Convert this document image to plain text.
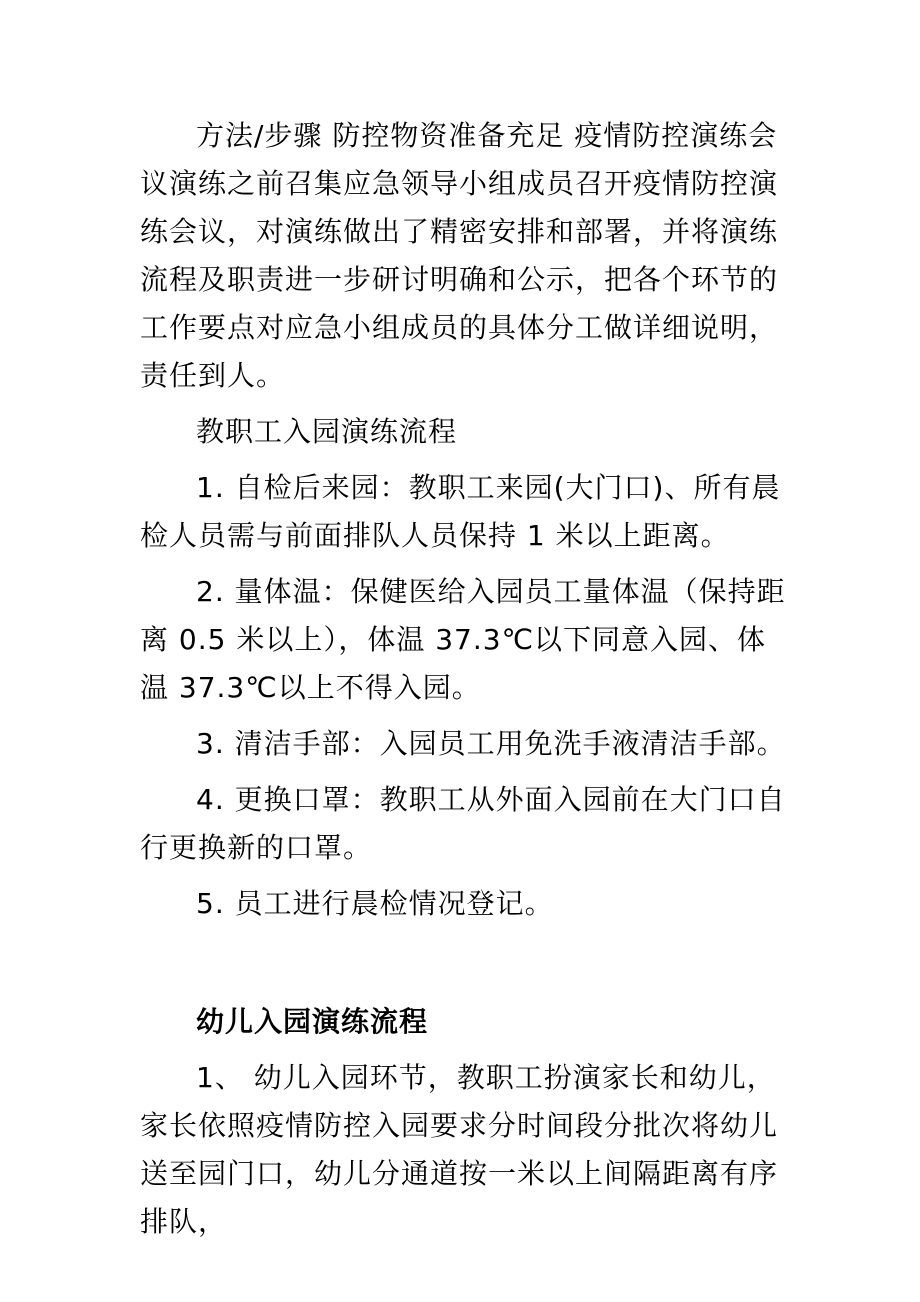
方法/步骤 防控物资准备充足 疫情防控演练会议演练之前召集应急领导小组成员召开疫情防控演练会议，对演练做出了精密安排和部署，并将演练流程及职责进一步研讨明确和公示，把各个环节的工作要点对应急小组成员的具体分工做详细说明，责任到人。

教职工入园演练流程

1. 自检后来园：教职工来园(大门口)、所有晨检人员需与前面排队人员保持 1 米以上距离。

2. 量体温：保健医给入园员工量体温（保持距离 0.5 米以上），体温 37.3℃以下同意入园、体温 37.3℃以上不得入园。

3. 清洁手部：入园员工用免洗手液清洁手部。

4. 更换口罩：教职工从外面入园前在大门口自行更换新的口罩。

5. 员工进行晨检情况登记。

幼儿入园演练流程

1、 幼儿入园环节，教职工扮演家长和幼儿，家长依照疫情防控入园要求分时间段分批次将幼儿送至园门口，幼儿分通道按一米以上间隔距离有序排队，
